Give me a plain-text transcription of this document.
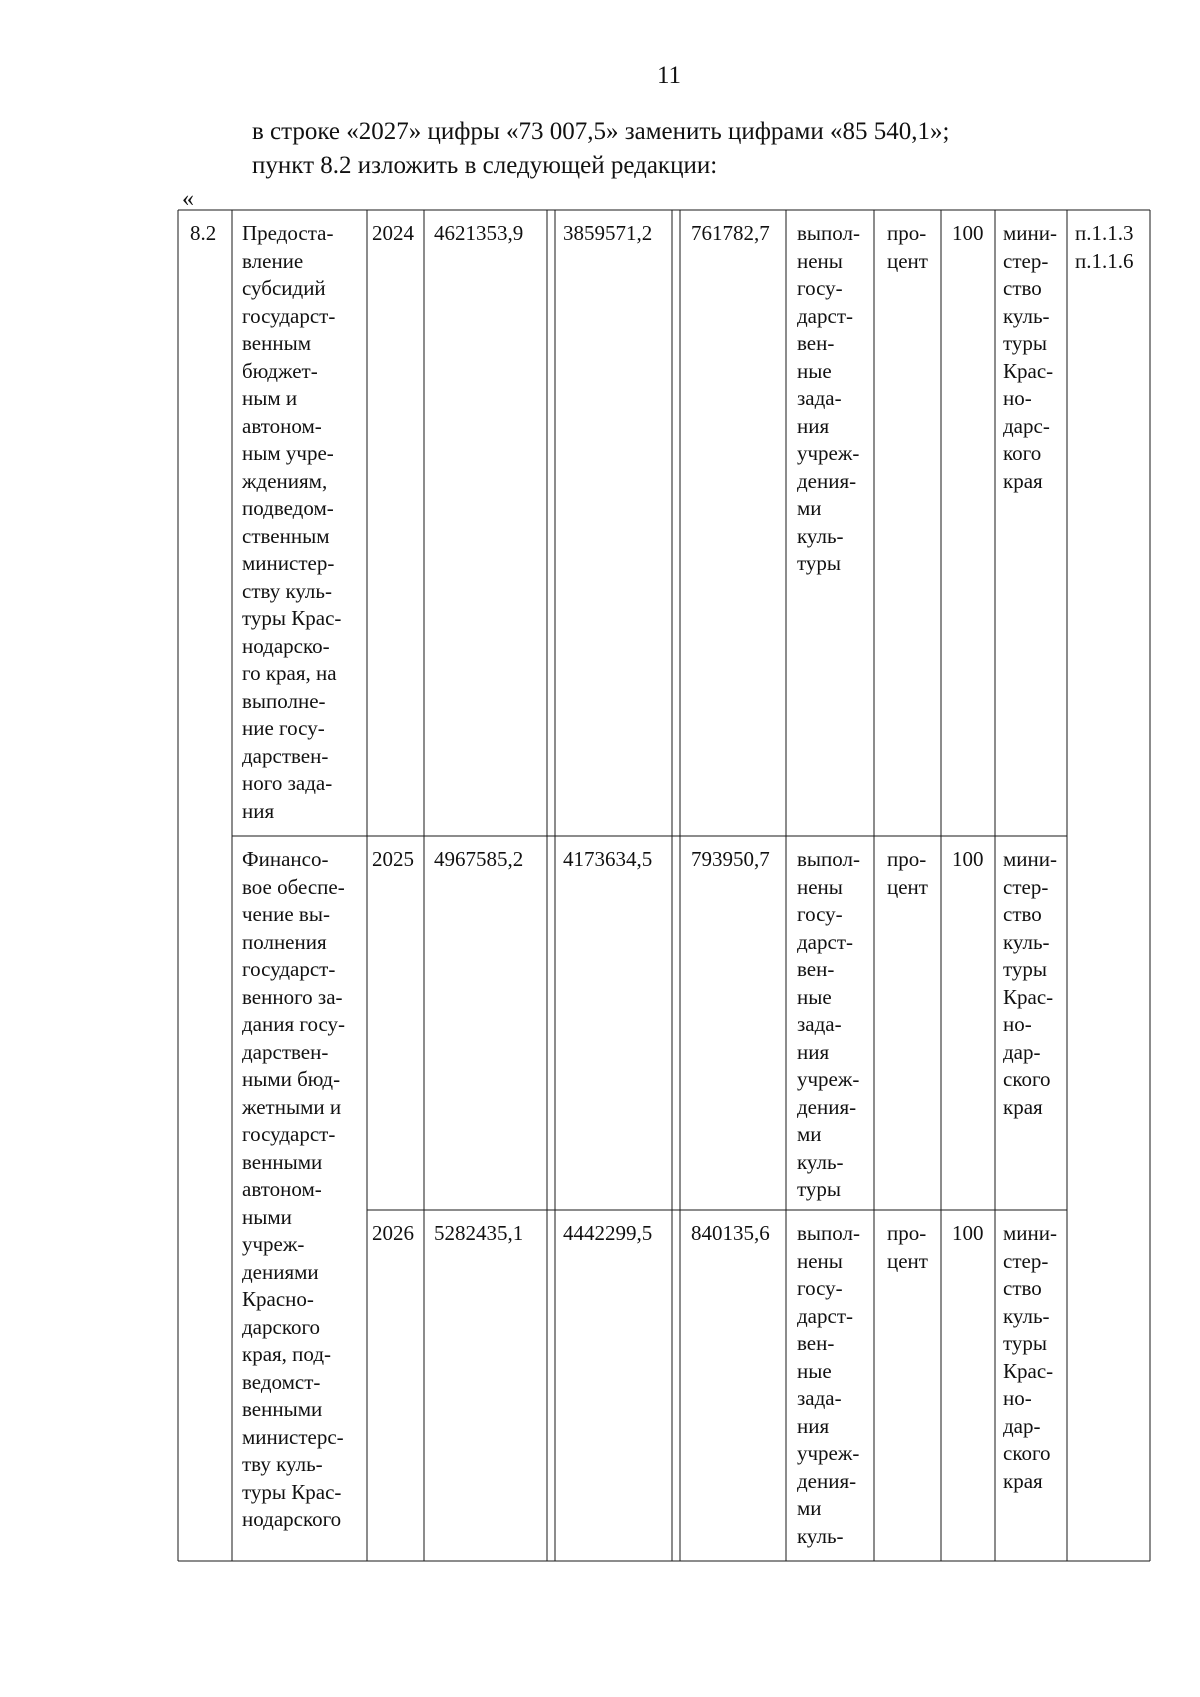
11
в строке «2027» цифры «73 007,5» заменить цифрами «85 540,1»;
пункт 8.2 изложить в следующей редакции:
«
8.2 Предоста-
вление
субсидий
государст-
венным
бюджет-
ным и
автоном-
ным учре-
ждениям,
подведом-
ственным
министер-
ству куль-
туры Крас-
нодарско-
го края, на
выполне-
ние госу-
дарствен-
ного зада-
ния
Финансо-
вое обеспе-
чение вы-
полнения
государст-
венного за-
дания госу-
дарствен-
ными бюд-
жетными и
государст-
венными
автоном-
ными
учреж-
дениями
Красно-
дарского
края, под-
ведомст-
венными
министерс-
тву куль-
туры Крас-
нодарского
2024 4621353,9 3859571,2 761782,7 выпол-
нены
госу-
дарст-
вен-
ные
зада-
ния
учреж-
дения-
ми
куль-
туры
про-
цент
100 мини-
стер-
ство
куль-
туры
Крас-
но-
дарс-
кого
края
п.1.1.3
п.1.1.6
2025 4967585,2 4173634,5 793950,7 выпол-
нены
госу-
дарст-
вен-
ные
зада-
ния
учреж-
дения-
ми
куль-
туры
про-
цент
100 мини-
стер-
ство
куль-
туры
Крас-
но-
дар-
ского
края
2026 5282435,1 4442299,5 840135,6 выпол-
нены
госу-
дарст-
вен-
ные
зада-
ния
учреж-
дения-
ми
куль-
про-
цент
100 мини-
стер-
ство
куль-
туры
Крас-
но-
дар-
ского
края
